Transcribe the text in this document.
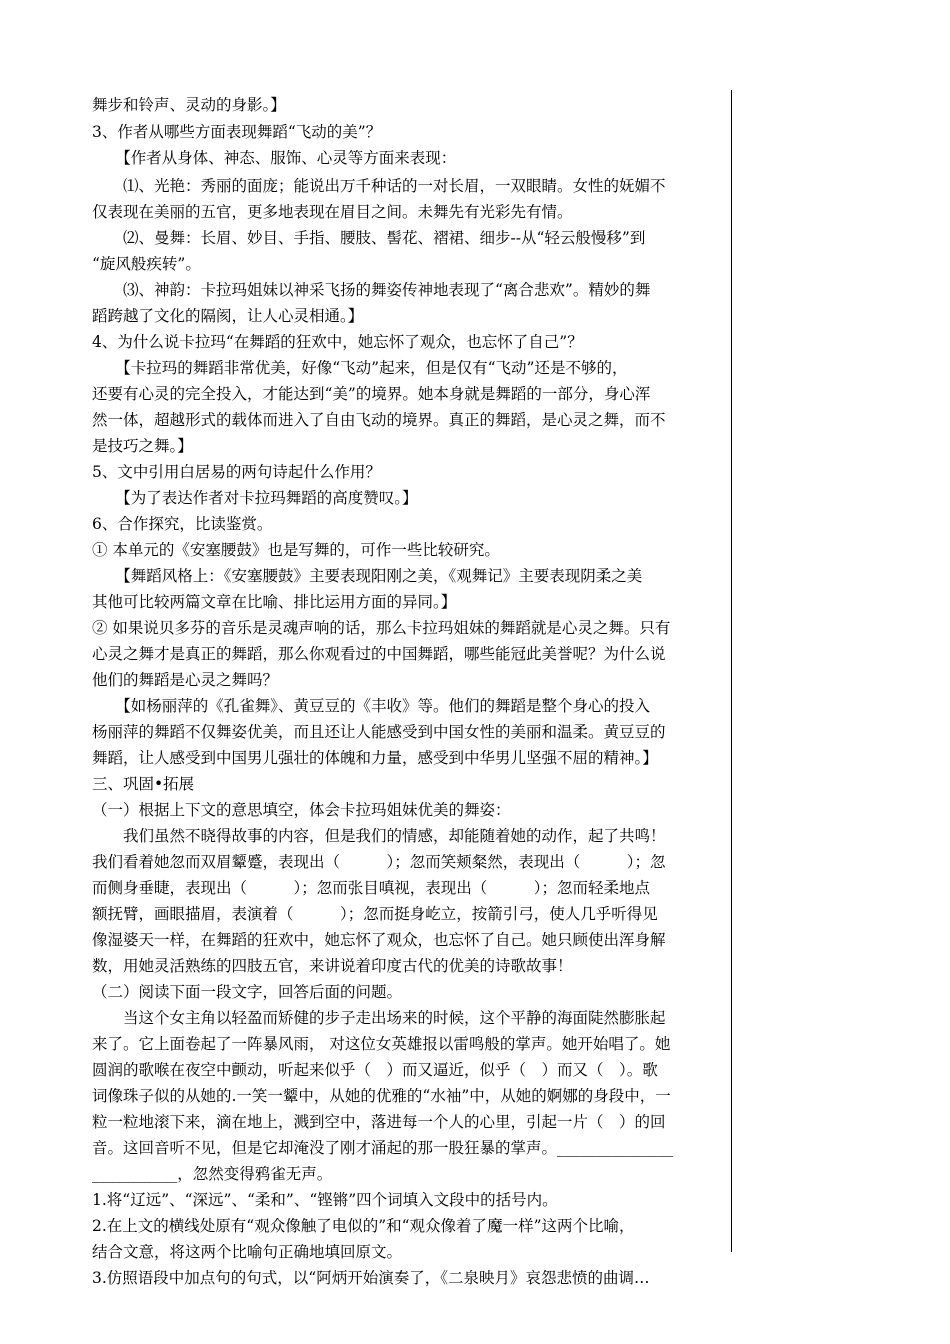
舞步和铃声、灵动的身影。】
3、作者从哪些方面表现舞蹈“飞动的美”？
　　【作者从身体、神态、服饰、心灵等方面来表现：
　　⑴、光艳：秀丽的面庞；能说出万千种话的一对长眉，一双眼睛。女性的妩媚不
仅表现在美丽的五官，更多地表现在眉目之间。未舞先有光彩先有情。
　　⑵、曼舞：长眉、妙目、手指、腰肢、髻花、褶裙、细步--从“轻云般慢移”到
“旋风般疾转”。
　　⑶、神韵：卡拉玛姐妹以神采飞扬的舞姿传神地表现了“离合悲欢”。精妙的舞
蹈跨越了文化的隔阂，让人心灵相通。】
4、为什么说卡拉玛“在舞蹈的狂欢中，她忘怀了观众，也忘怀了自己”？
　　【卡拉玛的舞蹈非常优美，好像“飞动”起来，但是仅有“飞动”还是不够的，
还要有心灵的完全投入，才能达到“美”的境界。她本身就是舞蹈的一部分，身心浑
然一体，超越形式的载体而进入了自由飞动的境界。真正的舞蹈，是心灵之舞，而不
是技巧之舞。】
5、文中引用白居易的两句诗起什么作用？
　　【为了表达作者对卡拉玛舞蹈的高度赞叹。】
6、合作探究，比读鉴赏。
① 本单元的《安塞腰鼓》也是写舞的，可作一些比较研究。
　　【舞蹈风格上：《安塞腰鼓》主要表现阳刚之美，《观舞记》主要表现阴柔之美
其他可比较两篇文章在比喻、排比运用方面的异同。】
② 如果说贝多芬的音乐是灵魂声响的话，那么卡拉玛姐妹的舞蹈就是心灵之舞。只有
心灵之舞才是真正的舞蹈，那么你观看过的中国舞蹈，哪些能冠此美誉呢？为什么说
他们的舞蹈是心灵之舞吗？
　　【如杨丽萍的《孔雀舞》、黄豆豆的《丰收》等。他们的舞蹈是整个身心的投入
杨丽萍的舞蹈不仅舞姿优美，而且还让人能感受到中国女性的美丽和温柔。黄豆豆的
舞蹈，让人感受到中国男儿强壮的体魄和力量，感受到中华男儿坚强不屈的精神。】
三、巩固•拓展
（一）根据上下文的意思填空，体会卡拉玛姐妹优美的舞姿：
　　我们虽然不晓得故事的内容，但是我们的情感，却能随着她的动作，起了共鸣！
我们看着她忽而双眉颦蹙，表现出（　　　）；忽而笑颊粲然，表现出（　　　）；忽
而侧身垂睫，表现出（　　　）；忽而张目嗔视，表现出（　　　）；忽而轻柔地点
额抚臂，画眼描眉，表演着（　　　）；忽而挺身屹立，按箭引弓，使人几乎听得见
像湿婆天一样，在舞蹈的狂欢中，她忘怀了观众，也忘怀了自己。她只顾使出浑身解
数，用她灵活熟练的四肢五官，来讲说着印度古代的优美的诗歌故事！
（二）阅读下面一段文字，回答后面的问题。
　　当这个女主角以轻盈而矫健的步子走出场来的时候，这个平静的海面陡然膨胀起
来了。它上面卷起了一阵暴风雨， 对这位女英雄报以雷鸣般的掌声。她开始唱了。她
圆润的歌喉在夜空中颤动，听起来似乎（　）而又逼近，似乎（　）而又（　）。歌
词像珠子似的从她的.一笑一颦中，从她的优雅的“水袖”中，从她的婀娜的身段中，一
粒一粒地滚下来，滴在地上，溅到空中，落进每一个人的心里，引起一片（　）的回
音。这回音听不见，但是它却淹没了刚才涌起的那一股狂暴的掌声。_______________
___________，忽然变得鸦雀无声。
1.将“辽远”、“深远”、“柔和”、“铿锵”四个词填入文段中的括号内。
2.在上文的横线处原有“观众像触了电似的”和“观众像着了魔一样”这两个比喻，
结合文意，将这两个比喻句正确地填回原文。
3.仿照语段中加点句的句式，以“阿炳开始演奏了，《二泉映月》哀怨悲愤的曲调…
